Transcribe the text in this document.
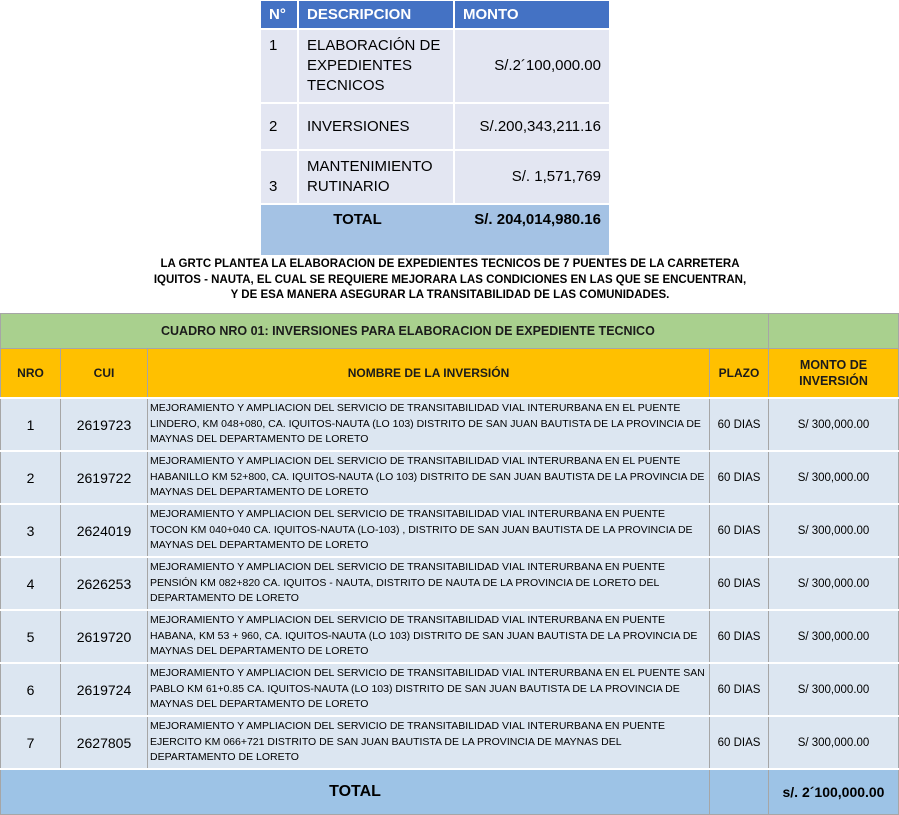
N°	DESCRIPCION	MONTO
1	ELABORACIÓN DE EXPEDIENTES TECNICOS	S/.2´100,000.00
2	INVERSIONES	S/.200,343,211.16
3	MANTENIMIENTO RUTINARIO	S/. 1,571,769
TOTAL		S/. 204,014,980.16
LA GRTC PLANTEA LA ELABORACION DE EXPEDIENTES TECNICOS DE 7 PUENTES DE LA CARRETERA IQUITOS - NAUTA, EL CUAL SE REQUIERE MEJORARA LAS CONDICIONES EN LAS QUE SE ENCUENTRAN, Y DE ESA MANERA ASEGURAR LA TRANSITABILIDAD DE LAS COMUNIDADES.
CUADRO NRO 01: INVERSIONES PARA ELABORACION DE EXPEDIENTE TECNICO				
NRO	CUI	NOMBRE DE LA INVERSIÓN	PLAZO	MONTO DE INVERSIÓN
1	2619723	MEJORAMIENTO Y AMPLIACION DEL SERVICIO DE TRANSITABILIDAD VIAL INTERURBANA EN EL PUENTE LINDERO, KM 048+080, CA. IQUITOS-NAUTA (LO 103) DISTRITO DE SAN JUAN BAUTISTA DE LA PROVINCIA DE MAYNAS DEL DEPARTAMENTO DE LORETO	60 DIAS	S/ 300,000.00
2	2619722	MEJORAMIENTO Y AMPLIACION DEL SERVICIO DE TRANSITABILIDAD VIAL INTERURBANA EN EL PUENTE HABANILLO KM 52+800, CA. IQUITOS-NAUTA (LO 103) DISTRITO DE SAN JUAN BAUTISTA DE LA PROVINCIA DE MAYNAS DEL DEPARTAMENTO DE LORETO	60 DIAS	S/ 300,000.00
3	2624019	MEJORAMIENTO Y AMPLIACION DEL SERVICIO DE TRANSITABILIDAD VIAL INTERURBANA EN PUENTE TOCON KM 040+040 CA. IQUITOS-NAUTA (LO-103) , DISTRITO DE SAN JUAN BAUTISTA DE LA PROVINCIA DE MAYNAS DEL DEPARTAMENTO DE LORETO	60 DIAS	S/ 300,000.00
4	2626253	MEJORAMIENTO Y AMPLIACION DEL SERVICIO DE TRANSITABILIDAD VIAL INTERURBANA EN PUENTE PENSIÓN KM 082+820 CA. IQUITOS - NAUTA, DISTRITO DE NAUTA DE LA PROVINCIA DE LORETO DEL DEPARTAMENTO DE LORETO	60 DIAS	S/ 300,000.00
5	2619720	MEJORAMIENTO Y AMPLIACION DEL SERVICIO DE TRANSITABILIDAD VIAL INTERURBANA EN PUENTE HABANA, KM 53 + 960, CA. IQUITOS-NAUTA (LO 103) DISTRITO DE SAN JUAN BAUTISTA DE LA PROVINCIA DE MAYNAS DEL DEPARTAMENTO DE LORETO	60 DIAS	S/ 300,000.00
6	2619724	MEJORAMIENTO Y AMPLIACION DEL SERVICIO DE TRANSITABILIDAD VIAL INTERURBANA EN EL PUENTE SAN PABLO KM 61+0.85 CA. IQUITOS-NAUTA (LO 103) DISTRITO DE SAN JUAN BAUTISTA DE LA PROVINCIA DE MAYNAS DEL DEPARTAMENTO DE LORETO	60 DIAS	S/ 300,000.00
7	2627805	MEJORAMIENTO Y AMPLIACION DEL SERVICIO DE TRANSITABILIDAD VIAL INTERURBANA EN PUENTE EJERCITO KM 066+721 DISTRITO DE SAN JUAN BAUTISTA DE LA PROVINCIA DE MAYNAS DEL DEPARTAMENTO DE LORETO	60 DIAS	S/ 300,000.00
TOTAL				s/. 2´100,000.00
